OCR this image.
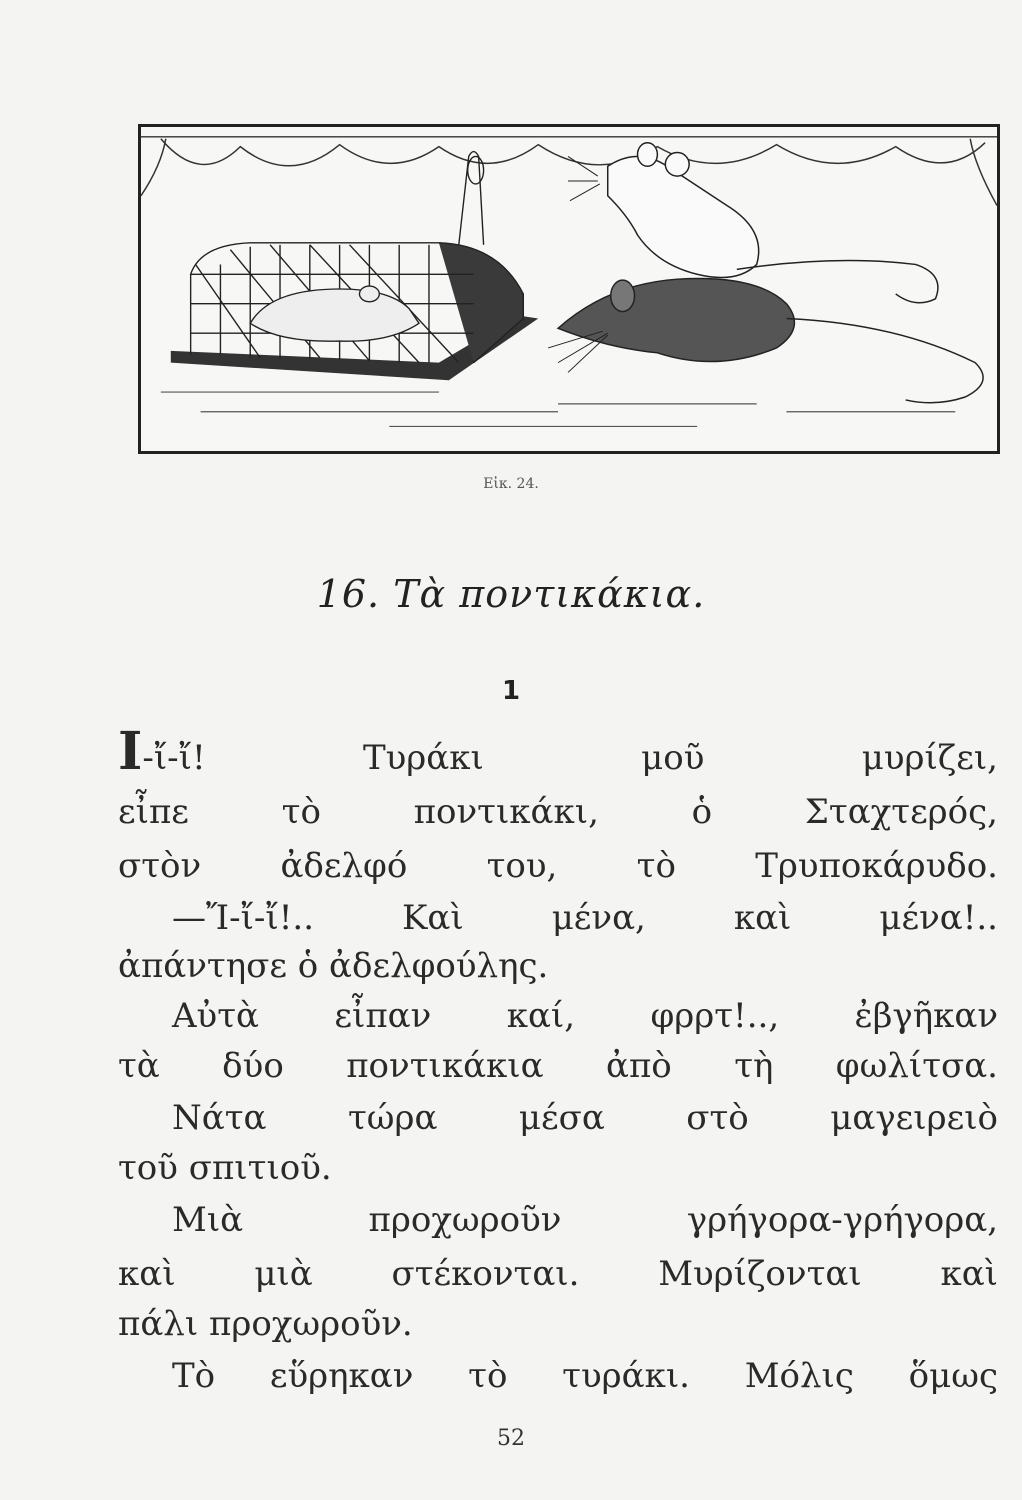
Εἰκ. 24.
16. Τὰ ποντικάκια.
1
Ι-ἴ-ἴ! Τυράκι μοῦ μυρίζει,
εἶπε τὸ ποντικάκι, ὁ Σταχτερός,
στὸν ἀδελφό του, τὸ Τρυποκάρυδο.
—Ἴ-ἴ-ἴ!.. Καὶ μένα, καὶ μένα!..
ἀπάντησε ὁ ἀδελφούλης.
Αὐτὰ εἶπαν καί, φρρτ!.., ἐβγῆκαν
τὰ δύο ποντικάκια ἀπὸ τὴ φωλίτσα.
Νάτα τώρα μέσα στὸ μαγειρειὸ
τοῦ σπιτιοῦ.
Μιὰ προχωροῦν γρήγορα-γρήγορα,
καὶ μιὰ στέκονται. Μυρίζονται καὶ
πάλι προχωροῦν.
Τὸ εὕρηκαν τὸ τυράκι. Μόλις ὅμως
52
